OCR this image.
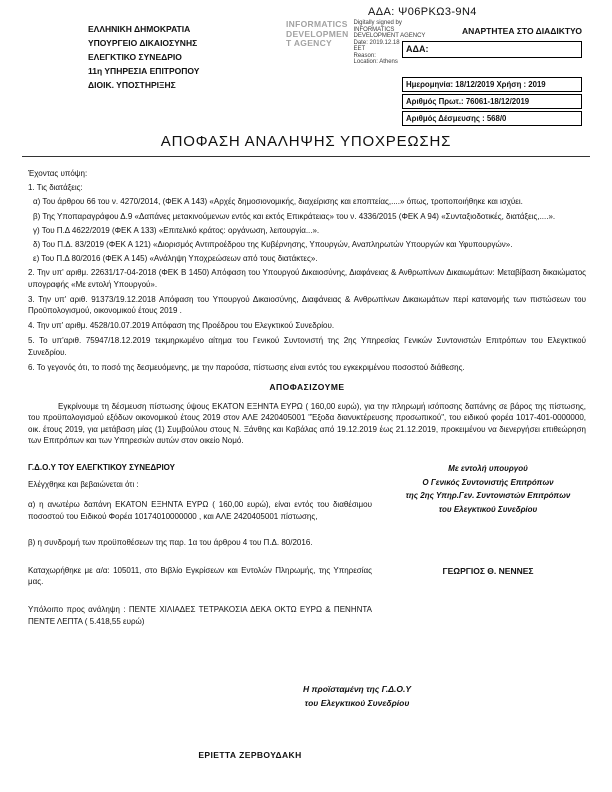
ΑΔΑ: Ψ06ΡΚΩ3-9Ν4
ΕΛΛΗΝΙΚΗ ΔΗΜΟΚΡΑΤΙΑ
ΥΠΟΥΡΓΕΙΟ ΔΙΚΑΙΟΣΥΝΗΣ
ΕΛΕΓΚΤΙΚΟ ΣΥΝΕΔΡΙΟ
11η ΥΠΗΡΕΣΙΑ ΕΠΙΤΡΟΠΟΥ
ΔΙΟΙΚ. ΥΠΟΣΤΗΡΙΞΗΣ
INFORMATICS
DEVELOPMEN
T AGENCY
Digitally signed by
INFORMATICS
DEVELOPMENT AGENCY
Date: 2019.12.18
EET
Reason:
Location: Athens
ΑΝΑΡΤΗΤΕΑ ΣΤΟ ΔΙΑΔΙΚΤΥΟ
ΑΔΑ:
Ημερομηνία: 18/12/2019 Χρήση : 2019
Αριθμός Πρωτ.: 76061-18/12/2019
Αριθμός Δέσμευσης : 568/0
ΑΠΟΦΑΣΗ ΑΝΑΛΗΨΗΣ ΥΠΟΧΡΕΩΣΗΣ

Έχοντας υπόψη:

1. Τις διατάξεις:

α) Του άρθρου 66 του ν. 4270/2014, (ΦΕΚ Α 143) «Αρχές δημοσιονομικής, διαχείρισης και εποπτείας,....» όπως, τροποποιήθηκε και ισχύει.

β) Της Υποπαραγράφου Δ.9 «Δαπάνες μετακινούμενων εντός και εκτός Επικράτειας» του ν. 4336/2015 (ΦΕΚ Α 94) «Συνταξιοδοτικές, διατάξεις,....».

γ) Του Π.Δ 4622/2019 (ΦΕΚ Α 133) «Επιτελικό κράτος: οργάνωση, λειτουργία...».

δ) Του Π.Δ. 83/2019 (ΦΕΚ Α 121) «Διορισμός Αντιπροέδρου της Κυβέρνησης, Υπουργών, Αναπληρωτών Υπουργών και Υφυπουργών».

ε) Του Π.Δ 80/2016 (ΦΕΚ Α 145) «Ανάληψη Υποχρεώσεων από τους διατάκτες».

2. Την υπ' αριθμ. 22631/17-04-2018 (ΦΕΚ Β 1450) Απόφαση του Υπουργού Δικαιοσύνης, Διαφάνειας & Ανθρωπίνων Δικαιωμάτων: Μεταβίβαση δικαιώματος υπογραφής «Με εντολή Υπουργού».

3. Την υπ' αριθ. 91373/19.12.2018 Απόφαση του Υπουργού Δικαιοσύνης, Διαφάνειας & Ανθρωπίνων Δικαιωμάτων περί κατανομής των πιστώσεων του Προϋπολογισμού, οικονομικού έτους 2019 .

4. Την υπ' αριθμ. 4528/10.07.2019 Απόφαση της Προέδρου του Ελεγκτικού Συνεδρίου.

5. Το υπ'αριθ. 75947/18.12.2019 τεκμηριωμένο αίτημα του Γενικού Συντονιστή της 2ης Υπηρεσίας Γενικών Συντονιστών Επιτρόπων του Ελεγκτικού Συνεδρίου.

6. Το γεγονός ότι, το ποσό της δεσμευόμενης, με την παρούσα, πίστωσης είναι εντός του εγκεκριμένου ποσοστού διάθεσης.

ΑΠΟΦΑΣΙΖΟΥΜΕ

Εγκρίνουμε τη δέσμευση πίστωσης ύψους ΕΚΑΤΟΝ ΕΞΗΝΤΑ ΕΥΡΩ ( 160,00 ευρώ), για την πληρωμή ισόποσης δαπάνης σε βάρος της πίστωσης, του προϋπολογισμού εξόδων οικονομικού έτους 2019 στον ΑΛΕ 2420405001 "Έξοδα διανυκτέρευσης προσωπικού", του ειδικού φορέα 1017-401-0000000, οικ. έτους 2019, για μετάβαση μίας (1) Συμβούλου στους Ν. Ξάνθης και Καβάλας από 19.12.2019 έως 21.12.2019, προκειμένου να διενεργήσει επιθεώρηση των Επιτρόπων και των Υπηρεσιών αυτών στον οικείο Νομό.

Γ.Δ.Ο.Υ ΤΟΥ ΕΛΕΓΚΤΙΚΟΥ ΣΥΝΕΔΡΙΟΥ

Ελέγχθηκε και βεβαιώνεται ότι :

α) η ανωτέρω δαπάνη ΕΚΑΤΟΝ ΕΞΗΝΤΑ ΕΥΡΩ ( 160,00 ευρώ), είναι εντός του διαθέσιμου ποσοστού του Ειδικού Φορέα 10174010000000 , και ΑΛΕ 2420405001 πίστωσης,

β) η συνδρομή των προϋποθέσεων της παρ. 1α του άρθρου 4 του Π.Δ. 80/2016.

Καταχωρήθηκε με α/α: 105011, στο Βιβλίο Εγκρίσεων και Εντολών Πληρωμής, της Υπηρεσίας μας.

Υπόλοιπο προς ανάληψη : ΠΕΝΤΕ ΧΙΛΙΑΔΕΣ ΤΕΤΡΑΚΟΣΙΑ ΔΕΚΑ ΟΚΤΩ ΕΥΡΩ & ΠΕΝΗΝΤΑ ΠΕΝΤΕ ΛΕΠΤΑ ( 5.418,55 ευρώ)

Με εντολή υπουργού
Ο Γενικός Συντονιστής Επιτρόπων
της 2ης Υπηρ.Γεν. Συντονιστών Επιτρόπων
του Ελεγκτικού Συνεδρίου
ΓΕΩΡΓΙΟΣ Θ. ΝΕΝΝΕΣ
Η προϊσταμένη της Γ.Δ.Ο.Υ
του Ελεγκτικού Συνεδρίου
ΕΡΙΕΤΤΑ ΖΕΡΒΟΥΔΑΚΗ
